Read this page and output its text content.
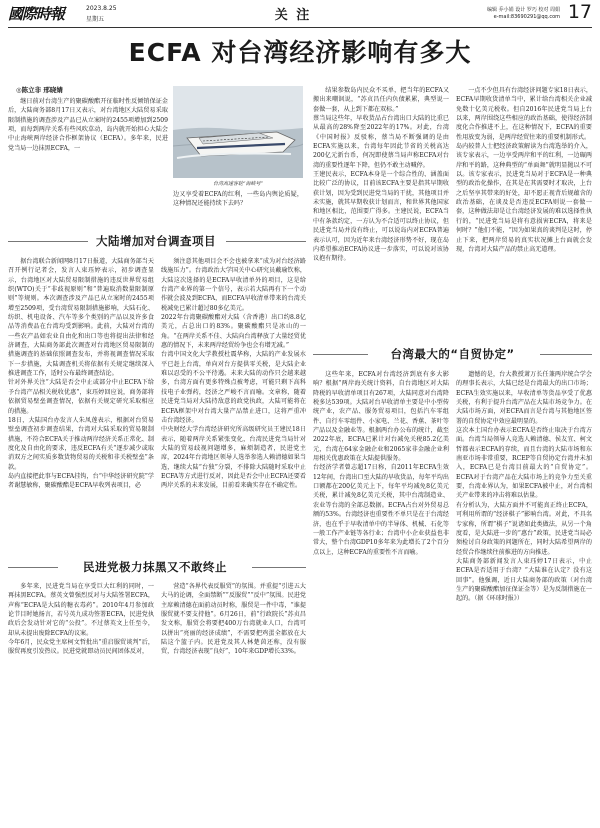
國際時報	2023.8.25
星期五	关 注	编辑 乔小娟 设计 罗巧 校对 周娟
e-mail:83690291@qq.com 17
ECFA 对台湾经济影响有多大
◎陈立非 邢晓婧

继日前对台湾生产的聚碳酸酯开征临时性反倾销保证金后，大陆商务部8月17日又表示，对台湾地区大陆贸易采取限制措施的调查涉及产品已从立案时的2455项增加到2509项，而每到两岸关系有些风吹草动，岛内就开始担心大陆会中止海峡两岸经济合作框架协议（ECFA）。多年来，民进党当局一边抹黑ECFA，一

台湾高速客轮“海峡号”

边又享受着ECFA的红利，一些岛内舆论质疑，这种情况还能持续下去吗？

大陆增加对台调查项目

据台湾联合新闻网8月17日报道，大陆商务部当天召开例行记者会，发言人束珏婷表示，初步调查显示，台湾地区对大陆贸易限制措施的违反世界贸易组织(WTO)关于“非歧视原则”和“普遍取消数量限制原则”等规则。本次调查涉及产品已从立案时的2455项增至2509项，受台湾贸易限制措施影响，大陆石化、纺织、机电设备、汽车等多个类别的产品以及许多食品等消费品在台湾均受到影响。此前，大陆对台湾的一些农产品如农业自由化和出口等也将提出法律和经济调查，大陆商务部此次调查对台湾地区贸易限制的措施调查的基础依照调查发布，并将视调查情况采取下一步措施，大陆调查机关将依据有关规定继续深入推进调查工作，适时公布最终调查结论。
针对外界关注“大陆是否会中止或部分中止ECFA下给予台湾产品相关税收优惠”，束珏婷回应说，商务部将依据贸易壁垒调查情况，依据有关规定研究采取相应的措施。
18日，大陆国台办发言人朱凤莲表示，根据对台贸易壁垒调查初步调查结果，台湾对大陆采取的贸易限制措施，不符合ECFA关于推动两岸经济关系正常化、制度化及自由化的要求，违反ECFA有关“逐步减少或取消双方之间实质多数货物贸易的关税和非关税壁垒”条款。
岛内直接把此事与ECFA挂钩，台“中华经济研究院”学者谢慧敏称，聚碳酸酯是ECFA早收列表项目，必

须注意其他项目会不会也被拿来“成为对台经济路线施压力”。台湾政治大学国关中心研究员戴瑜钦称，大陆这次选择的是ECFA早收清单外的项目，这是给台湾产业界的第一个信号，表示若大陆再有下一个动作就会波及到ECFA，而ECFA早收清单带来的台湾关税减免已累计超过80多亿美元。
2022年台湾聚碳酸酯对大陆（含香港）出口约8.8亿美元，占总出口的83%。聚碳酸酯只是冰山的一角。“在两岸关系不佳、大陆向台湾释放了大量经贸优惠的情况下，未来两岸经贸纷争也会有增无减。”
台湾中国文化大学教授杜震华称，大陆的产业发展水平已赶上台湾，单向对台方提供零关税，是大陆企业难以忍受的不公平待遇。未来大陆的动作只会越来越多，台湾方面有更多特殊点被考虑，可能只剩下高科技电子业弹药，经济之严峻不言而喻。文章称，随着民进党当局对大陆持敌意的政党执政，大陆可能将在ECFA框架中对台湾大量产品禁止进口，这将严重冲击台湾经济。
中央财经大学台湾经济研究所高级研究员王建民18日表示，随着两岸关系紧张变化，台湾民进党当局针对大陆的贸易歧视问题增多，麻烦制造者，民进党主席，2024年台湾地区领导人选举参选人赖清德如果当选，继续大陆“台独”分裂，不排除大陆随时采取中止ECFA等方式进行反对，因此是否会中止ECFA还要看两岸关系的未来发展，目前看来确实存在不确定性。

民进党极力抹黑又不敢终止

多年来，民进党当局在享受巨大红利的同时，一再抹黑ECFA。蔡英文曾强烈反对与大陆签署ECFA，声称“ECFA是大陆的糖衣毒药”。2010年4月参加政论节目时她扬言，若号英九成功签署ECFA，民进党执政后会发动针对它的“公投”。不过蔡英文上任至今，却从未提出废除ECFA的议案。
今年6月，民众党主席柯文哲批出“重启服贸谈判”后，服贸再度引发热议。民进党就即动员民间团体反对，

营造“各界代表反服贸”的氛围。并重提“引进五大大马的论调，全面禁断”“反服贸”“反中”氛围。民进党主席赖清德在面前动员时称，服贸是一件中毒，“谁提服贸就不要支持他”。6月26日，前“行政院长”苏贞昌发文称，服贸会将要把400万台湾就业人口，台湾可以拼出“亮丽的经济成绩”，不需要把鸡蛋全都放在大陆这个篮子内。民进党及其人林楚茵还称，没有服贸，台湾经济表现“良好”，10年来GDP增长33%。

结果参数岛内民众不买单，把当年的ECFA又搬出来嘲讽说，“苏贞昌任内负债累累，典型说一套做一套，从上到下都在双标。”
蔡当局这些年，早收货品占台湾出口大陆的比重已从最高的28%降至2022年的17%。对此，台湾《中国时报》反驳称，蔡当局不断强调的是由ECFA实施以来，台湾每年因此节省的关税高达200亿元新台币，何况即使蔡当局声称ECFA对台湾的重要性逐年下降，但仍不敢主动喊停。
王建民表示，ECFA本身是一个综合性的、涵盖面比较广泛的协议，目前该ECFA主要是指其早期收获计划，因为受到民进党当局的干扰，其他项目并未实施，就其早期收获计划而言，和世界其他国家和地区相比，范围要广得多。主建民说，ECFA当中有条款约定，一方认为不合适可以终止协议，但民进党当局并没有终止，可以说岛内对ECFA普遍表示认可，因为近年来台湾经济形势不好，现在岛内希望推动ECFA协议进一步落实，可以说对该协议抱有期待。

一点不少但具有台湾经济问题专家18日表示，ECFA早期收货清单当中，累计给台湾相关企业减免数十亿美元税收。但自2016年民进党当局上台以来，两岸围绕这些相应的政治基础，使得经济制度化合作推进不上，在这种情况下，ECFA的重要性用放变为弱，是两岸经贸往来的重要机制形式。
岛内较普人士把经济政策解读为台湾选举的介入，该专家表示，一边享受两岸和平的红利，一边碾两岸和平的路，这种典型的“单面舞”就明显抛以不可以。该专家表示，民进党当局对于ECFA是一种典型的政治化操作，在其是在其需要时才取决，上台之后坚享其带来的好处，却不愿正视背后规蕴含的政治基础，在谈及是否违反ECFA则说一套做一套，这种做法却是让台湾经济发展的难以选择性执行的，“民进党当局是将有意损害ECFA，将来是何时？”他们不能，“因为如果真的谈判是这时，停止下来，把两岸贸易的真实状况摊上台面就会发现，台湾对大陆产品的禁止高无道理。

台湾最大的“自贸协定”

这些年来，ECFA对台湾经济到底有多大影响？根据“两岸海关统计资料，自台湾地区对大陆降税的早收清单项目有267项，大陆同意对台湾降税多达539项。大陆对台早收清单主要是中小型传统产业，农产品、服务贸易项目，包括汽车零组件、自行车零组件、小家电、兰花、香蕉、茶叶等产品以及金融业等。根据两台办公布的统计，截至2022年底，ECFA已累计对台减免关税85.2亿美元，台湾在64家金融企业和2065家非金融企业利用相关优惠政策在大陆提供服务。
台经济学者曾志超17日称，自2011年ECFA生效12年间，台湾出口至大陆的早收货品，每年平均出口额都在200亿美元上下，每年平均减免8亿美元关税，累计减免8亿美元关税，其中台湾制造业、农业等台湾的全部总数据。ECFA占台对外贸易总额的53%。台湾经济也重要性不单只是在于台湾经济，也在乎于早收清单中的半导体、机械、石化等一般工作产业链等各行业；台湾中小企业获益也非常大，整个台湾GDP10多年来为此增长了2个百分点以上，这种ECFA的重要性不言而喻。

遗憾的是，台大教授萧万长任兼两岸统合学会的理事长表示，大陆已经是台湾最大的出口市场；ECFA生效实施以来，早收清单等货品享受了优惠关税，有利于提升台湾产品在大陆市场竞争力。在大陆市场方面，对ECFA而言是台湾与其他地区签署的自贸协定中效应最明显的。
这次本土国台办表示ECFA是否终止取决于台湾方面。台湾当局领导人竞选人赖清德、侯友宜、柯文哲都表示ECFA的存续，而且台湾的大陆市场和东南亚市场非常重要，RCEP等自贸协定台湾并未加入，ECFA已是台湾目前最大的“自贸协定”。ECFA对于台湾产品在大陆市场上的竞争力至关重要，台湾业界认为，如果ECFA被中止，对台湾相关产业带来的冲击将难以估量。
有分析认为，大陆方面并不可能真正终止ECFA，可利用所谓的“经济棋子”影响台湾。对此，不具名专家称，所谓“棋子”说诸如此类做法，从另一个角度看，是大陆进一步的“惠台”政策，民进党当局必须检讨自身政策的问题所在，同时大陆希望两岸的经贸合作继续往前推进的方向推进。
大陆商务部新闻发言人束珏婷17日表示，中止ECFA是否适用于台湾？“大陆谁在认定？没有这回事”。他强调，近日大陆商务部的政策（对台湾生产的聚碳酸酯加征保证金等）是为反制措施在一起的。（据《环球时报》）
